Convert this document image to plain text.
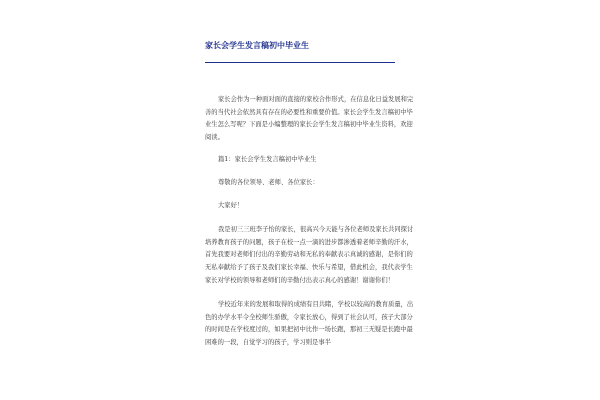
家长会学生发言稿初中毕业生

家长会作为一种面对面的直接的家校合作形式，在信息化日益发展和完善的当代社会依然具有存在的必要性和重要价值。家长会学生发言稿初中毕业生怎么写呢？下面是小编整理的家长会学生发言稿初中毕业生资料，欢迎阅读。

篇1：家长会学生发言稿初中毕业生

尊敬的各位领导、老师、各位家长：

大家好！

我是初三三班李子怡的家长，很高兴今天能与各位老师及家长共同探讨培养教育孩子的问题，孩子在校一点一滴的进步都渗透着老师辛勤的汗水，首先我要对老师们付出的辛勤劳动和无私的奉献表示真诚的感谢，是你们的无私奉献给予了孩子及我们家长幸福、快乐与希望，借此机会，我代表学生家长对学校的领导和老师们的辛勤付出表示真心的感谢！谢谢你们！

学校近年来的发展和取得的成绩有目共睹，学校以较高的教育质量，出色的办学水平令全校师生骄傲，令家长放心，得到了社会认可，孩子大部分的时间是在学校度过的，如果把初中比作一场长跑，那初三无疑是长跑中最困难的一段，自觉学习的孩子，学习则是事半
